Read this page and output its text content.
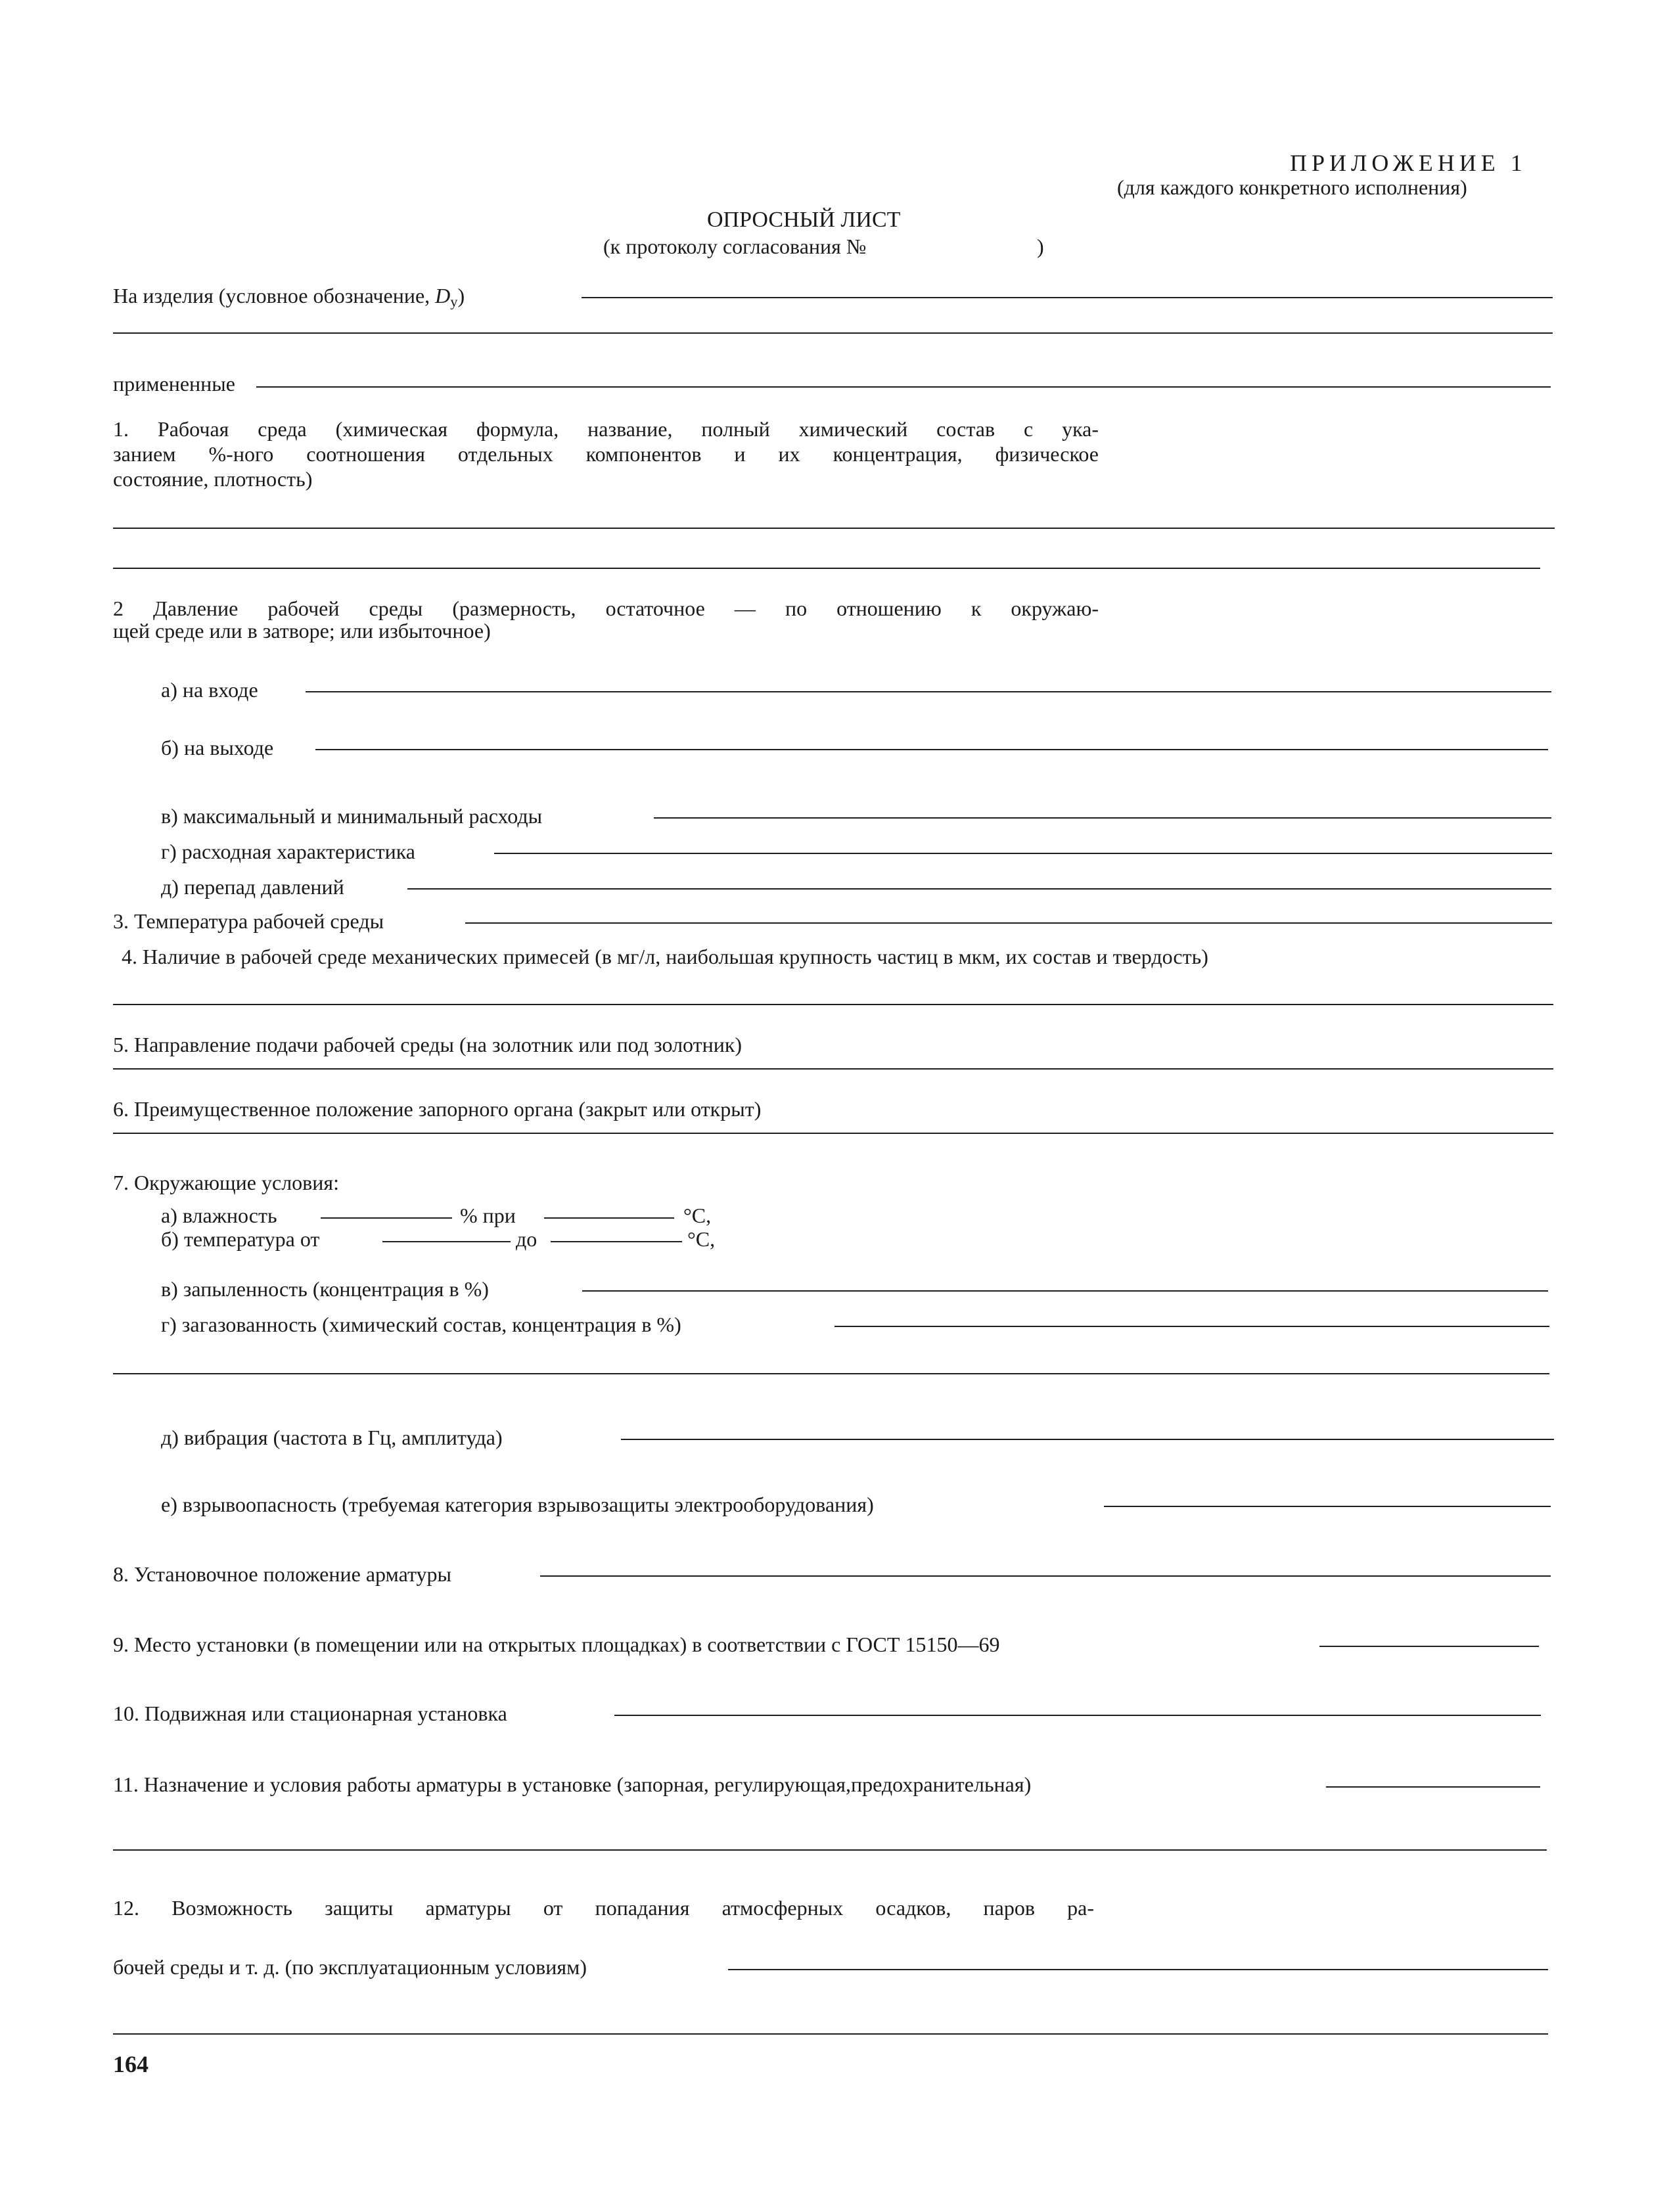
ПРИЛОЖЕНИЕ 1
(для каждого конкретного исполнения)
ОПРОСНЫЙ ЛИСТ
(к протоколу согласования №	)
На изделия (условное обозначение, $D_у$)
примененные
1. Рабочая среда (химическая формула, название, полный химический состав с ука-
занием %-ного соотношения отдельных компонентов и их концентрация, физическое
состояние, плотность)
2 Давление рабочей среды (размерность, остаточное — по отношению к окружаю-
щей среде или в затворе; или избыточное)
а) на входе
б) на выходе
в) максимальный и минимальный расходы
г) расходная характеристика
д) перепад давлений
3. Температура рабочей среды
4. Наличие в рабочей среде механических примесей (в мг/л, наибольшая крупность частиц в мкм, их состав и твердость)
5. Направление подачи рабочей среды (на золотник или под золотник)
6. Преимущественное положение запорного органа (закрыт или открыт)
7. Окружающие условия:
а) влажность	% при	°С,
б) температура от	до	°С,
в) запыленность (концентрация в %)
г) загазованность (химический состав, концентрация в %)
д) вибрация (частота в Гц, амплитуда)
е) взрывоопасность (требуемая категория взрывозащиты электрооборудования)
8. Установочное положение арматуры
9. Место установки (в помещении или на открытых площадках) в соответствии с ГОСТ 15150—69
10. Подвижная или стационарная установка
11. Назначение и условия работы арматуры в установке (запорная, регулирующая,предохранительная)
12. Возможность защиты арматуры от попадания атмосферных осадков, паров ра-
бочей среды и т. д. (по эксплуатационным условиям)
164
